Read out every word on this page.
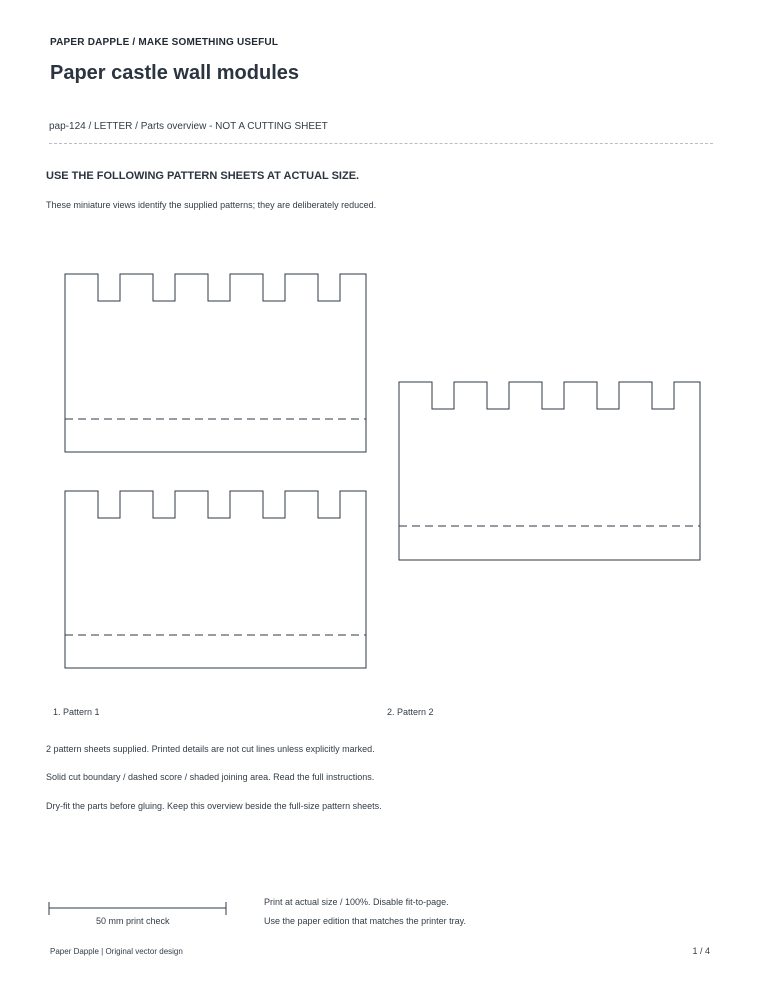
PAPER DAPPLE / MAKE SOMETHING USEFUL
Paper castle wall modules
pap-124 / LETTER / Parts overview - NOT A CUTTING SHEET
USE THE FOLLOWING PATTERN SHEETS AT ACTUAL SIZE.
These miniature views identify the supplied patterns; they are deliberately reduced.
1. Pattern 1	2. Pattern 2
2 pattern sheets supplied. Printed details are not cut lines unless explicitly marked.
Solid cut boundary / dashed score / shaded joining area. Read the full instructions.
Dry-fit the parts before gluing. Keep this overview beside the full-size pattern sheets.
50 mm print check
Print at actual size / 100%. Disable fit-to-page.
Use the paper edition that matches the printer tray.
Paper Dapple | Original vector design	1 / 4
